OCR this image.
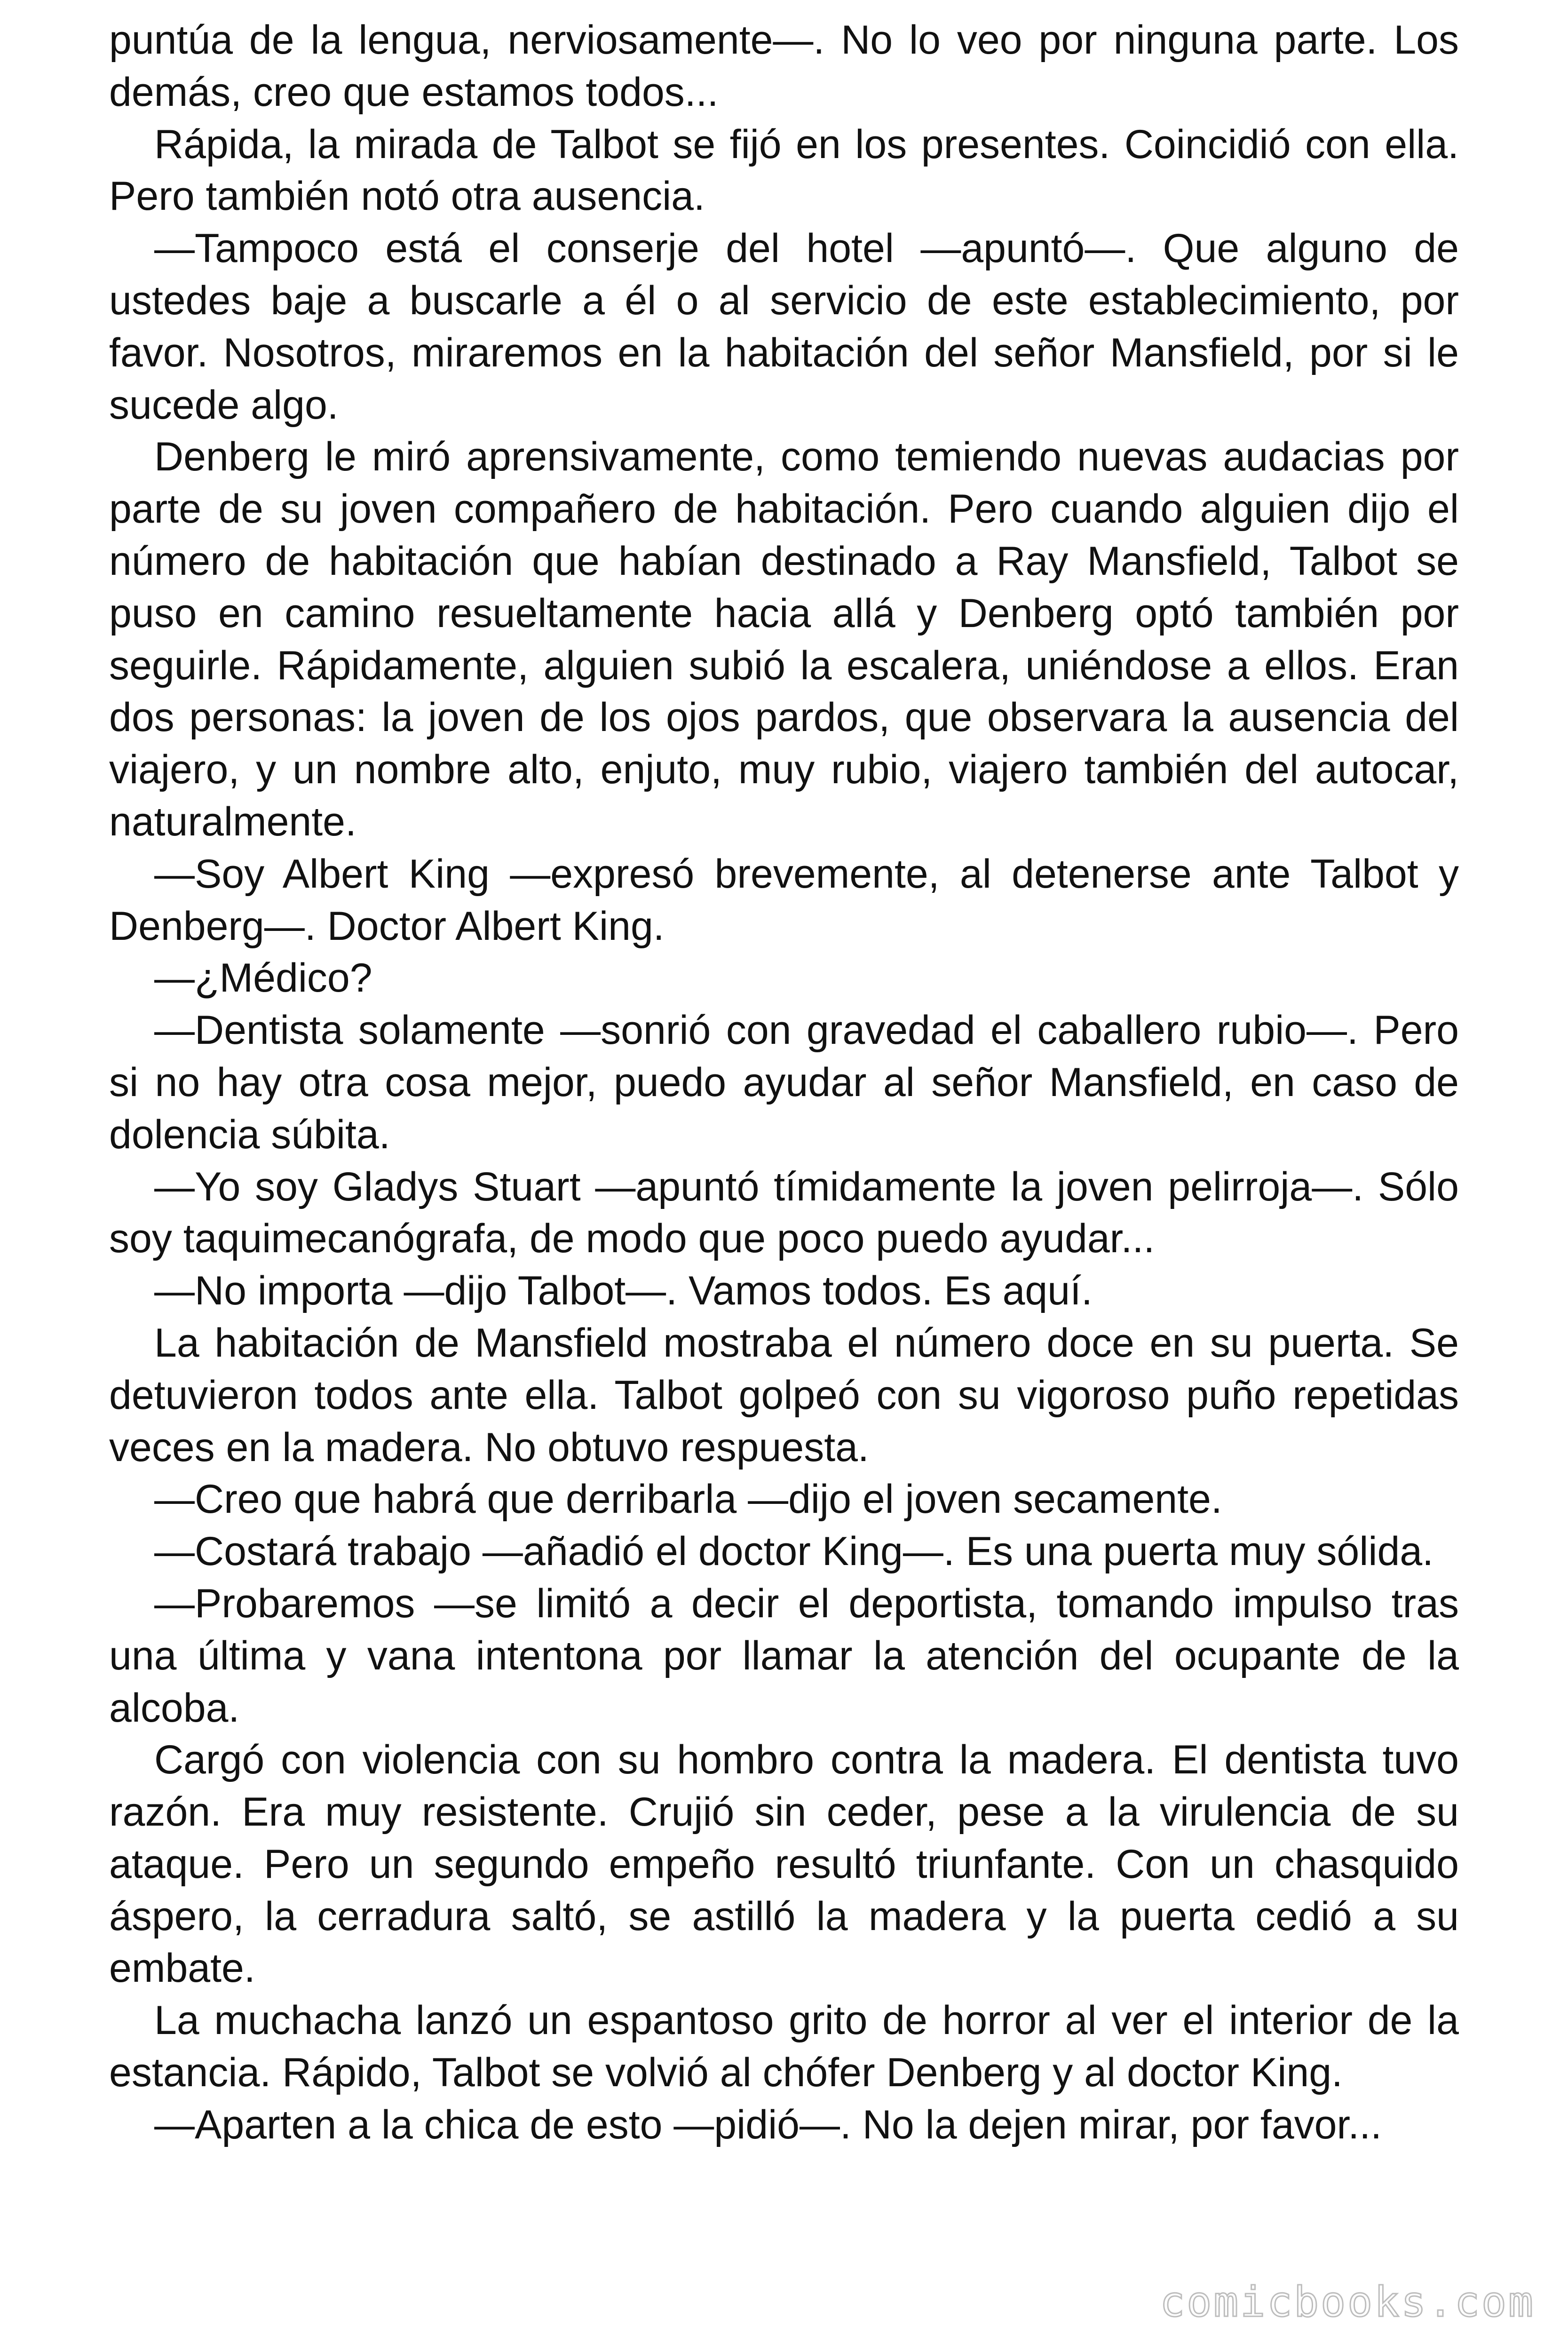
puntúa de la lengua, nerviosamente—. No lo veo por ninguna parte. Los demás, creo que estamos todos...

Rápida, la mirada de Talbot se fijó en los presentes. Coincidió con ella. Pero también notó otra ausencia.

—Tampoco está el conserje del hotel —apuntó—. Que alguno de ustedes baje a buscarle a él o al servicio de este establecimiento, por favor. Nosotros, miraremos en la habitación del señor Mansfield, por si le sucede algo.

Denberg le miró aprensivamente, como temiendo nuevas audacias por parte de su joven compañero de habitación. Pero cuando alguien dijo el número de habitación que habían destinado a Ray Mansfield, Talbot se puso en camino resueltamente hacia allá y Denberg optó también por seguirle. Rápidamente, alguien subió la escalera, uniéndose a ellos. Eran dos personas: la joven de los ojos pardos, que observara la ausencia del viajero, y un nombre alto, enjuto, muy rubio, viajero también del autocar, naturalmente.

—Soy Albert King —expresó brevemente, al detenerse ante Talbot y Denberg—. Doctor Albert King.

—¿Médico?

—Dentista solamente —sonrió con gravedad el caballero rubio—. Pero si no hay otra cosa mejor, puedo ayudar al señor Mansfield, en caso de dolencia súbita.

—Yo soy Gladys Stuart —apuntó tímidamente la joven pelirroja—. Sólo soy taquimecanógrafa, de modo que poco puedo ayudar...

—No importa —dijo Talbot—. Vamos todos. Es aquí.

La habitación de Mansfield mostraba el número doce en su puerta. Se detuvieron todos ante ella. Talbot golpeó con su vigoroso puño repetidas veces en la madera. No obtuvo respuesta.

—Creo que habrá que derribarla —dijo el joven secamente.

—Costará trabajo —añadió el doctor King—. Es una puerta muy sólida.

—Probaremos —se limitó a decir el deportista, tomando impulso tras una última y vana intentona por llamar la atención del ocupante de la alcoba.

Cargó con violencia con su hombro contra la madera. El dentista tuvo razón. Era muy resistente. Crujió sin ceder, pese a la virulencia de su ataque. Pero un segundo empeño resultó triunfante. Con un chasquido áspero, la cerradura saltó, se astilló la madera y la puerta cedió a su embate.

La muchacha lanzó un espantoso grito de horror al ver el interior de la estancia. Rápido, Talbot se volvió al chófer Denberg y al doctor King.

—Aparten a la chica de esto —pidió—. No la dejen mirar, por favor...

comicbooks.com
